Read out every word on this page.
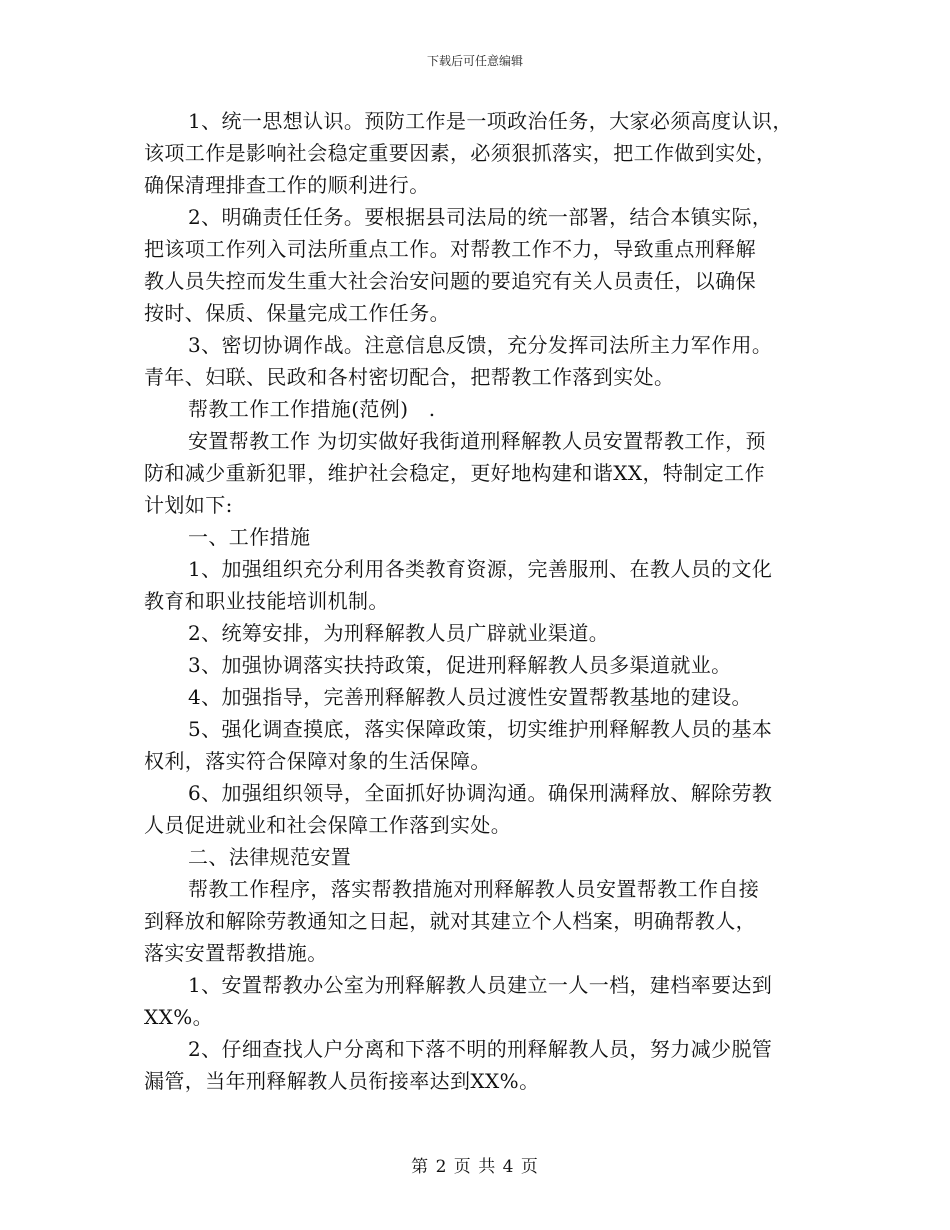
下载后可任意编辑
1、统一思想认识。预防工作是一项政治任务，大家必须高度认识，
该项工作是影响社会稳定重要因素，必须狠抓落实，把工作做到实处，
确保清理排查工作的顺利进行。
2、明确责任任务。要根据县司法局的统一部署，结合本镇实际，
把该项工作列入司法所重点工作。对帮教工作不力，导致重点刑释解
教人员失控而发生重大社会治安问题的要追究有关人员责任，以确保
按时、保质、保量完成工作任务。
3、密切协调作战。注意信息反馈，充分发挥司法所主力军作用。
青年、妇联、民政和各村密切配合，把帮教工作落到实处。
帮教工作工作措施(范例)　.
安置帮教工作 为切实做好我街道刑释解教人员安置帮教工作，预
防和减少重新犯罪，维护社会稳定，更好地构建和谐XX，特制定工作
计划如下:
一、工作措施
1、加强组织充分利用各类教育资源，完善服刑、在教人员的文化
教育和职业技能培训机制。
2、统筹安排，为刑释解教人员广辟就业渠道。
3、加强协调落实扶持政策，促进刑释解教人员多渠道就业。
4、加强指导，完善刑释解教人员过渡性安置帮教基地的建设。
5、强化调查摸底，落实保障政策，切实维护刑释解教人员的基本
权利，落实符合保障对象的生活保障。
6、加强组织领导，全面抓好协调沟通。确保刑满释放、解除劳教
人员促进就业和社会保障工作落到实处。
二、法律规范安置
帮教工作程序，落实帮教措施对刑释解教人员安置帮教工作自接
到释放和解除劳教通知之日起，就对其建立个人档案，明确帮教人，
落实安置帮教措施。
1、安置帮教办公室为刑释解教人员建立一人一档，建档率要达到
XX%。
2、仔细查找人户分离和下落不明的刑释解教人员，努力减少脱管
漏管，当年刑释解教人员衔接率达到XX%。
第 2 页 共 4 页
